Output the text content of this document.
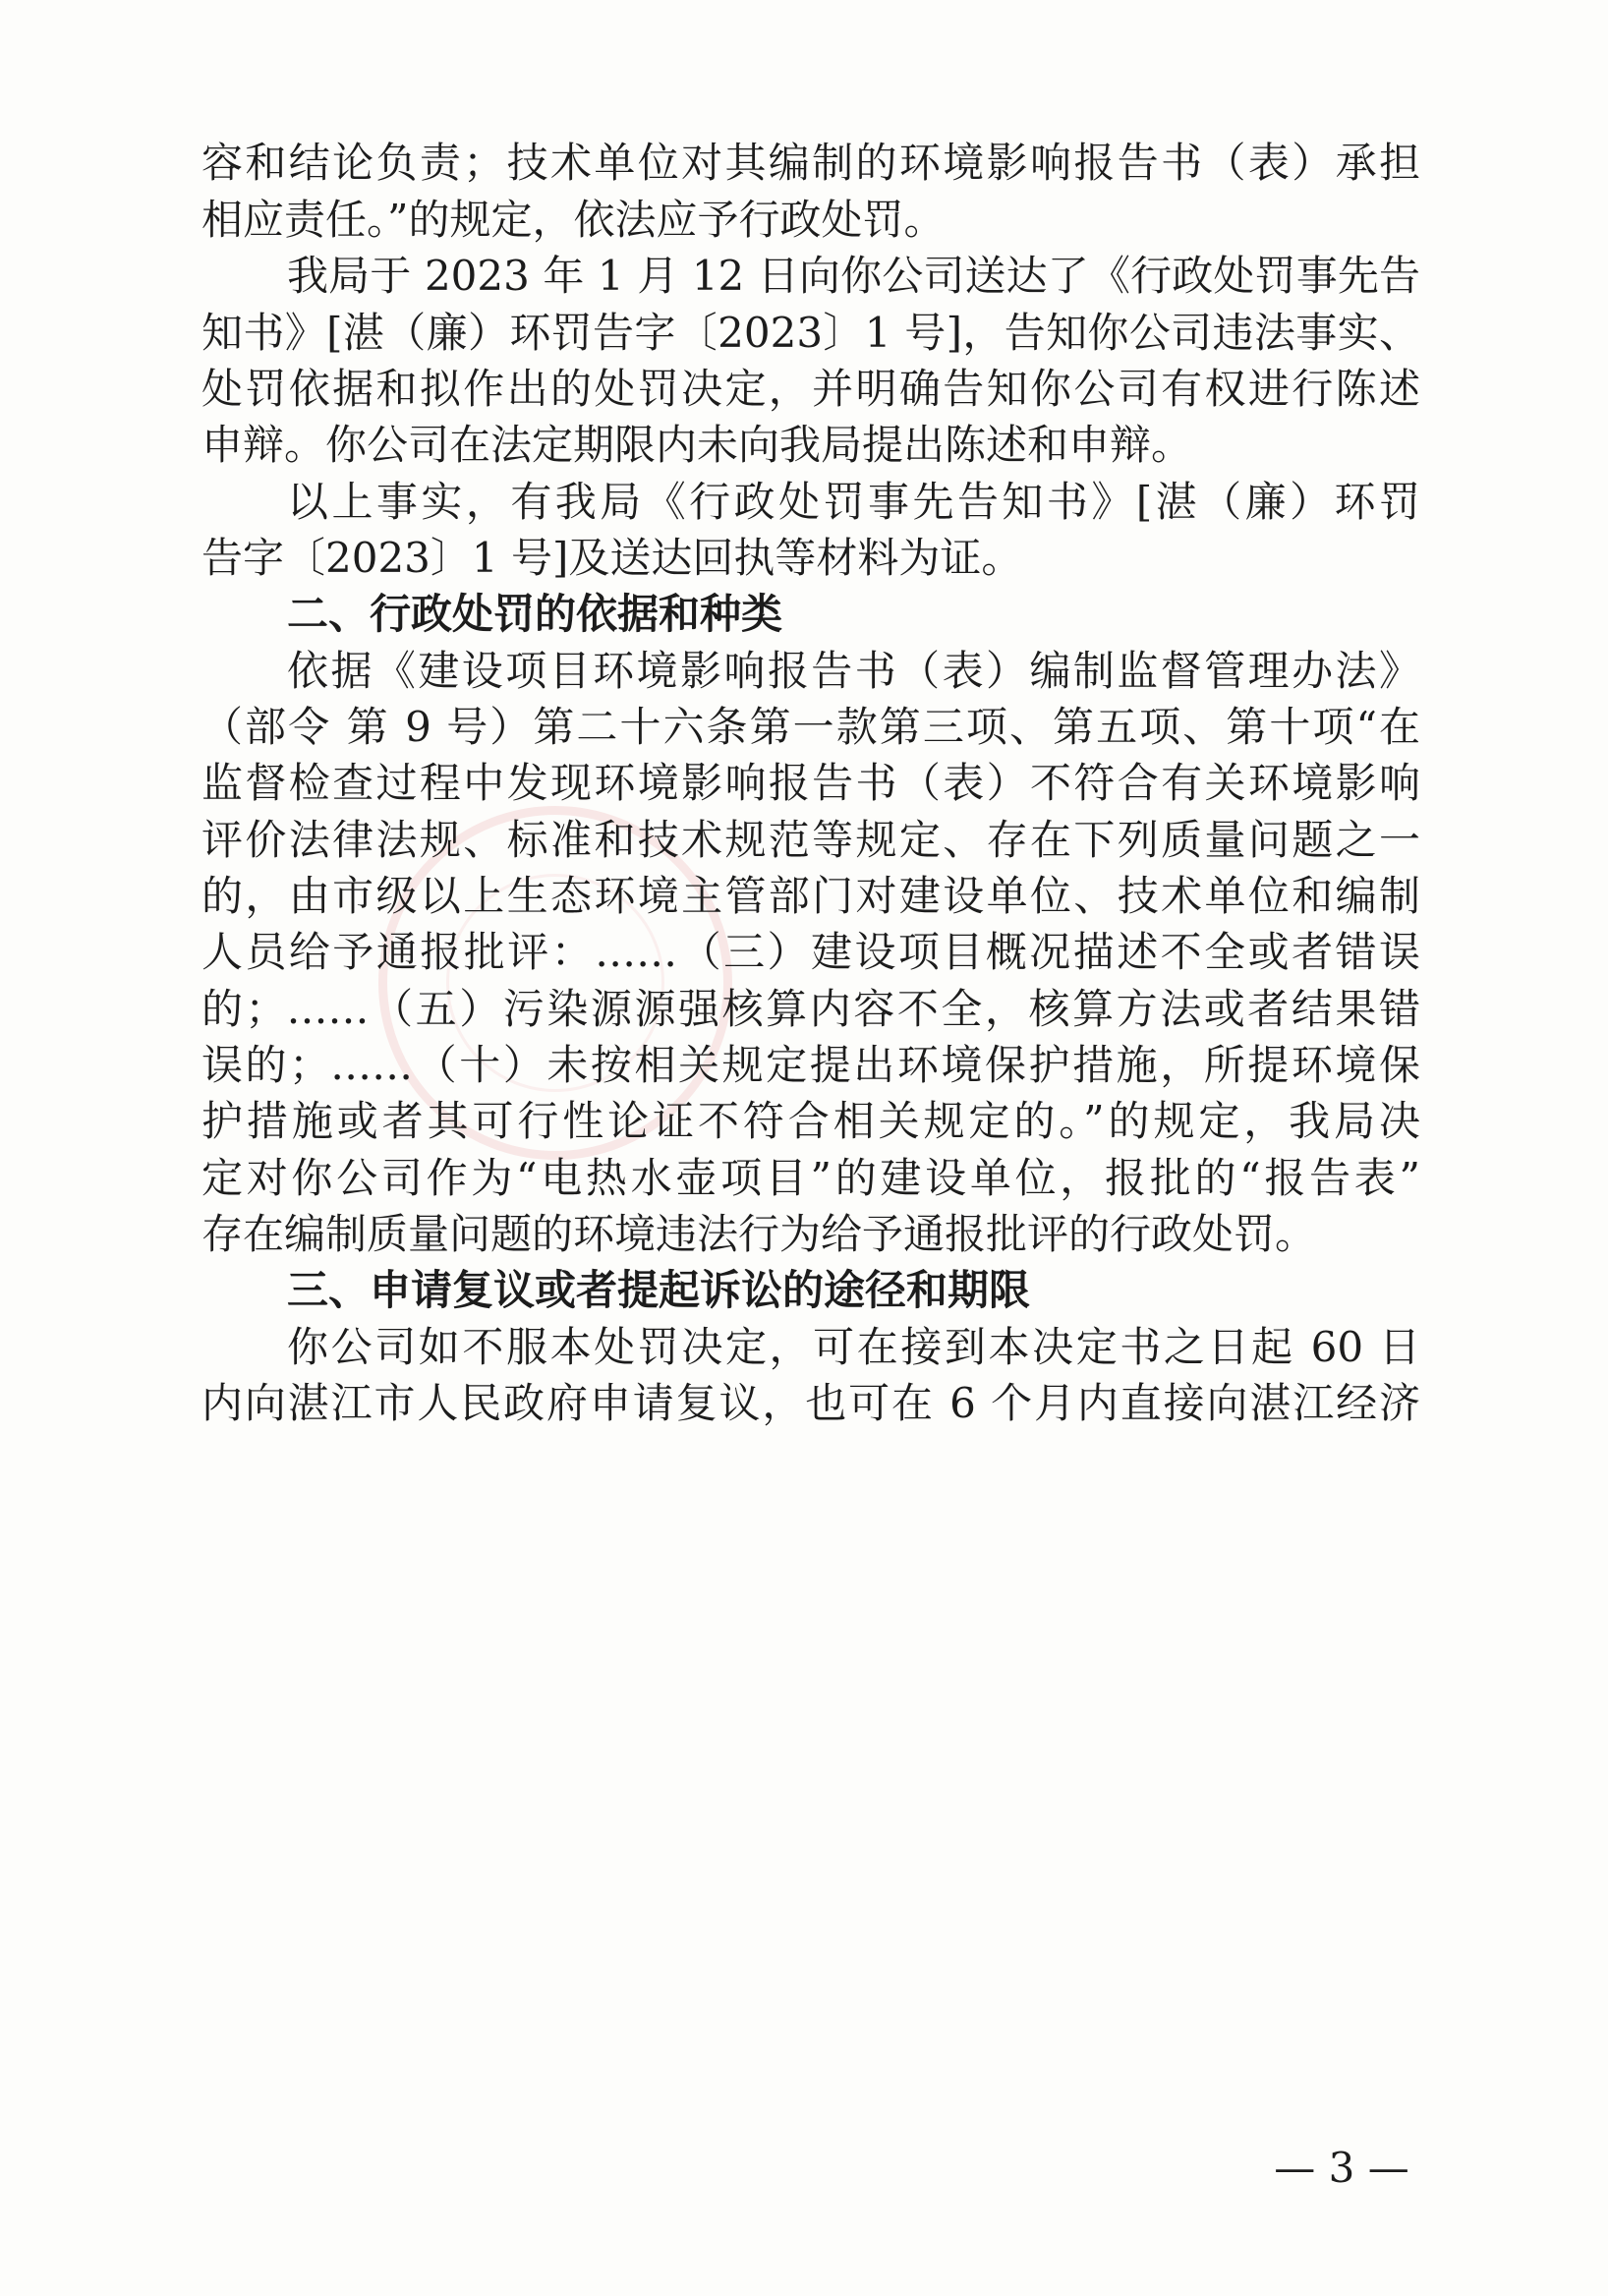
容和结论负责；技术单位对其编制的环境影响报告书（表）承担
相应责任。”的规定，依法应予行政处罚。
我局于 2023 年 1 月 12 日向你公司送达了《行政处罚事先告
知书》[湛（廉）环罚告字〔2023〕1 号]，告知你公司违法事实、
处罚依据和拟作出的处罚决定，并明确告知你公司有权进行陈述
申辩。你公司在法定期限内未向我局提出陈述和申辩。
以上事实，有我局《行政处罚事先告知书》[湛（廉）环罚
告字〔2023〕1 号]及送达回执等材料为证。
二、行政处罚的依据和种类
依据《建设项目环境影响报告书（表）编制监督管理办法》
（部令 第 9 号）第二十六条第一款第三项、第五项、第十项“在
监督检查过程中发现环境影响报告书（表）不符合有关环境影响
评价法律法规、标准和技术规范等规定、存在下列质量问题之一
的，由市级以上生态环境主管部门对建设单位、技术单位和编制
人员给予通报批评：……（三）建设项目概况描述不全或者错误
的；……（五）污染源源强核算内容不全，核算方法或者结果错
误的；……（十）未按相关规定提出环境保护措施，所提环境保
护措施或者其可行性论证不符合相关规定的。”的规定，我局决
定对你公司作为“电热水壶项目”的建设单位，报批的“报告表”
存在编制质量问题的环境违法行为给予通报批评的行政处罚。
三、申请复议或者提起诉讼的途径和期限
你公司如不服本处罚决定，可在接到本决定书之日起 60 日
内向湛江市人民政府申请复议，也可在 6 个月内直接向湛江经济
— 3 —
